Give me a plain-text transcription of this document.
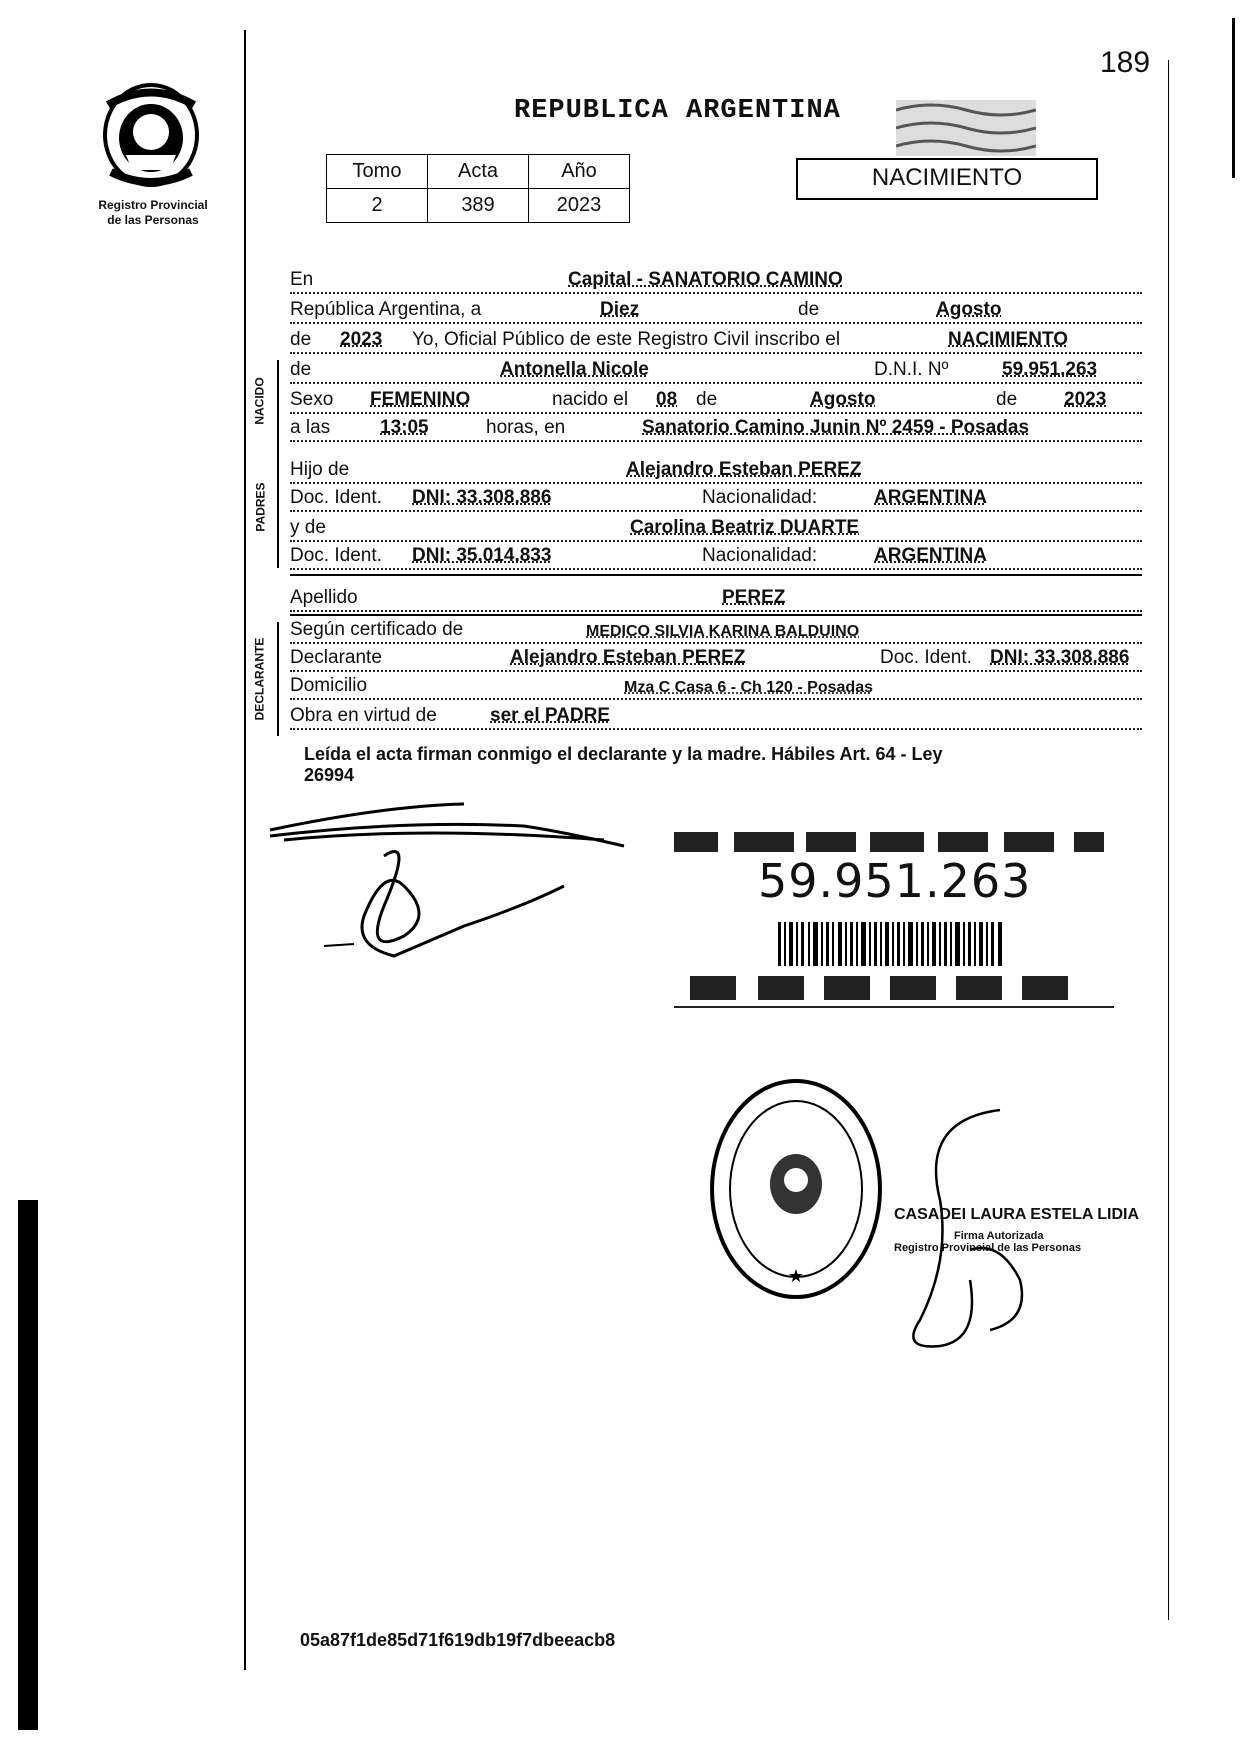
189
Registro Provincial
de las Personas
REPUBLICA ARGENTINA
Tomo	Acta	Año
2	389	2023
NACIMIENTO
En	Capital - SANATORIO CAMINO
República Argentina, a	Diez	de	Agosto
de 2023 Yo, Oficial Público de este Registro Civil inscribo el	NACIMIENTO
NACIDO
de	Antonella Nicole	D.N.I. Nº	59.951.263
Sexo FEMENINO	nacido el 08 de	Agosto	de 2023
a las	13:05	horas, en	Sanatorio Camino Junin Nº 2459 - Posadas
PADRES
Hijo de	Alejandro Esteban PEREZ
Doc. Ident. DNI: 33.308.886	Nacionalidad:	ARGENTINA
y de	Carolina Beatriz DUARTE
Doc. Ident. DNI: 35.014.833	Nacionalidad:	ARGENTINA
Apellido	PEREZ
DECLARANTE
Según certificado de	MEDICO SILVIA KARINA BALDUINO
Declarante	Alejandro Esteban PEREZ	Doc. Ident. DNI: 33.308.886
Domicilio	Mza C Casa 6 - Ch 120 - Posadas
Obra en virtud de	ser el PADRE
Leída el acta firman conmigo el declarante y la madre. Hábiles Art. 64 - Ley
26994
59.951.263
★
CASADEI LAURA ESTELA LIDIA
Firma Autorizada
Registro Provincial de las Personas
05a87f1de85d71f619db19f7dbeeacb8
